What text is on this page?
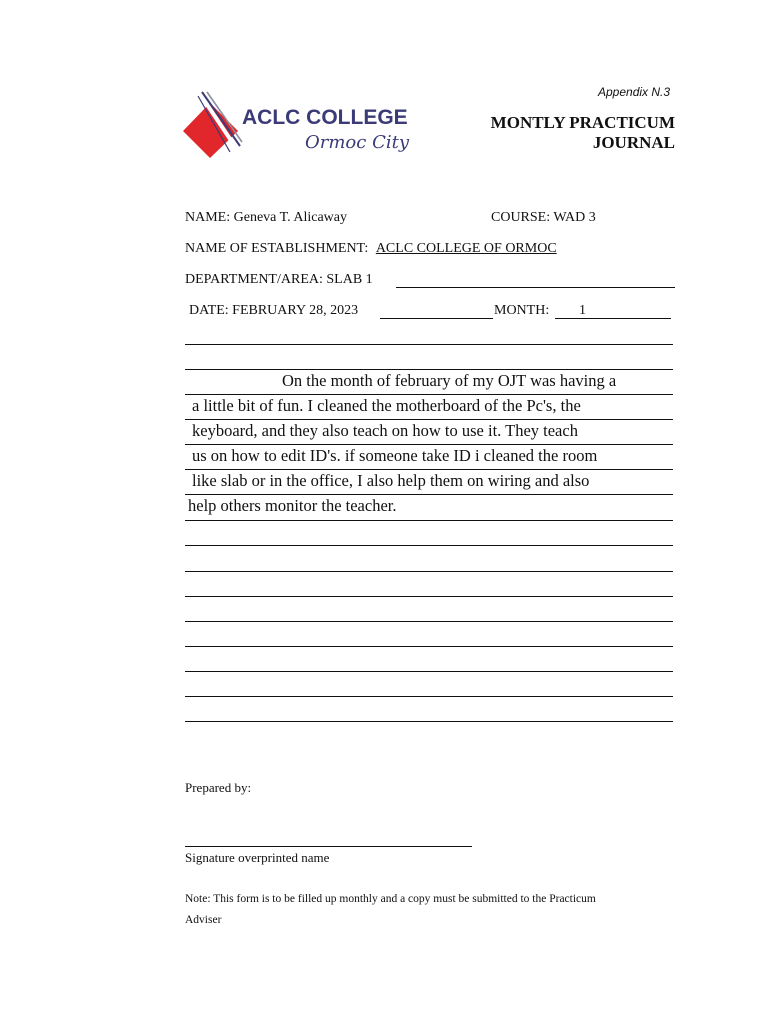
Appendix N.3
ACLC COLLEGE
Ormoc City
MONTLY PRACTICUM
JOURNAL
NAME: Geneva T. Alicaway	COURSE: WAD 3
NAME OF ESTABLISHMENT: ACLC COLLEGE OF ORMOC
DEPARTMENT/AREA: SLAB 1
DATE: FEBRUARY 28, 2023	MONTH: 1
On the month of february of my OJT was having a
a little bit of fun. I cleaned the motherboard of the Pc's, the
keyboard, and they also teach on how to use it. They teach
us on how to edit ID's. if someone take ID i cleaned the room
like slab or in the office, I also help them on wiring and also
help others monitor the teacher.
Prepared by:
Signature overprinted name
Note: This form is to be filled up monthly and a copy must be submitted to the Practicum
Adviser
